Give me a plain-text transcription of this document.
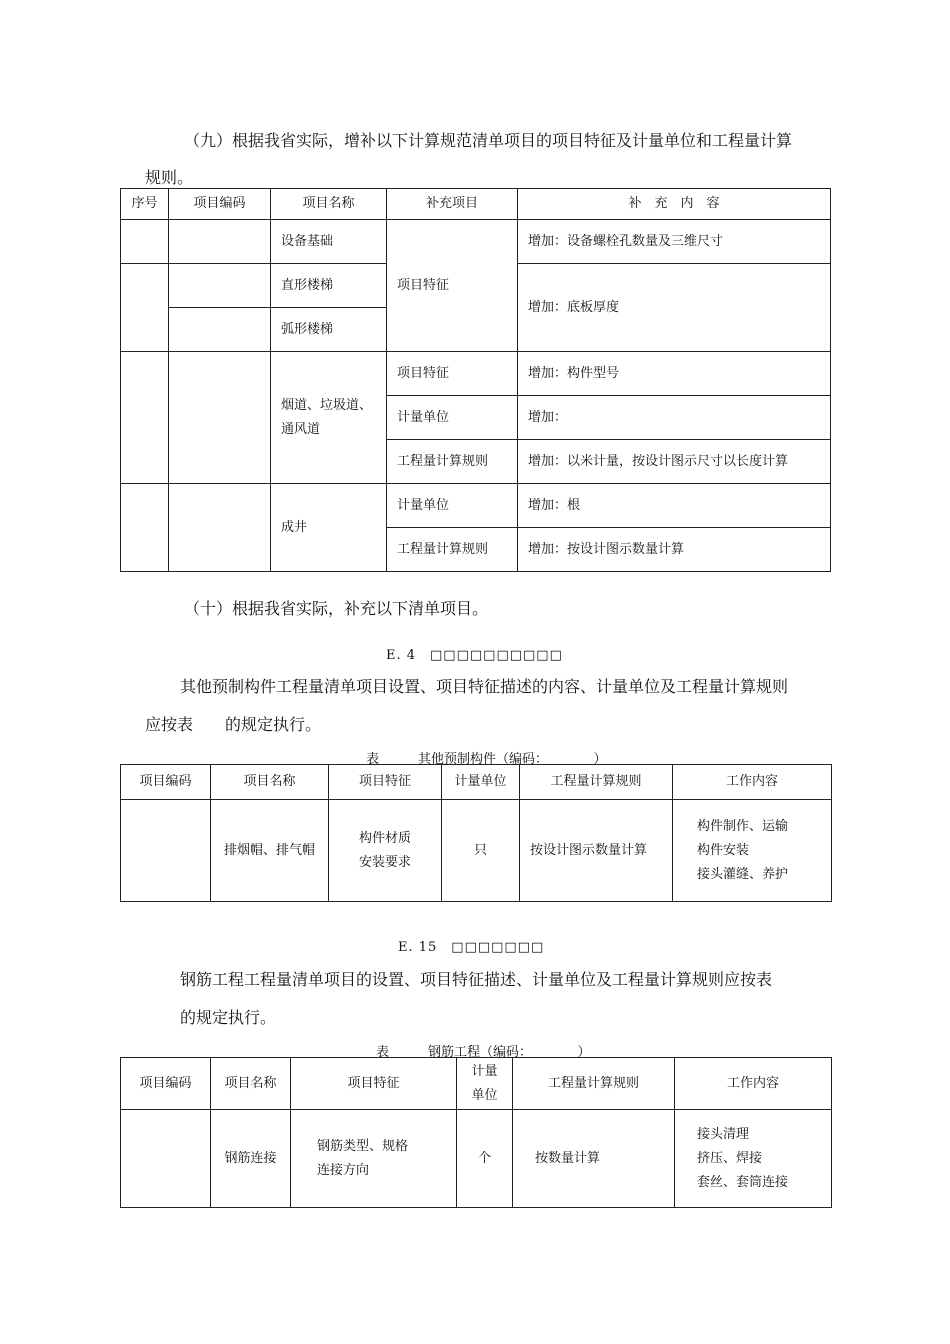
（九）根据我省实际，增补以下计算规范清单项目的项目特征及计量单位和工程量计算
规则。
序号	项目编码	项目名称	补充项目	补　充　内　容
		设备基础	项目特征	增加：设备螺栓孔数量及三维尺寸
		直形楼梯		增加：底板厚度
		弧形楼梯		
		烟道、垃圾道、通风道	项目特征	增加：构件型号
			计量单位	增加：
			工程量计算规则	增加：以米计量，按设计图示尺寸以长度计算
		成井	计量单位	增加：根
			工程量计算规则	增加：按设计图示数量计算
（十）根据我省实际，补充以下清单项目。
E. 4　□□□□□□□□□□
其他预制构件工程量清单项目设置、项目特征描述的内容、计量单位及工程量计算规则
应按表　　的规定执行。
表　　　其他预制构件（编码：　　　　）
项目编码	项目名称	项目特征	计量单位	工程量计算规则	工作内容
	排烟帽、排气帽	构件材质
安装要求	只	按设计图示数量计算	构件制作、运输
构件安装
接头灌缝、养护
E. 15　□□□□□□□
钢筋工程工程量清单项目的设置、项目特征描述、计量单位及工程量计算规则应按表
的规定执行。
表　　　钢筋工程（编码：　　　　）
项目编码	项目名称	项目特征	计量单位	工程量计算规则	工作内容
	钢筋连接	钢筋类型、规格
连接方向	个	按数量计算	接头清理
挤压、焊接
套丝、套筒连接
